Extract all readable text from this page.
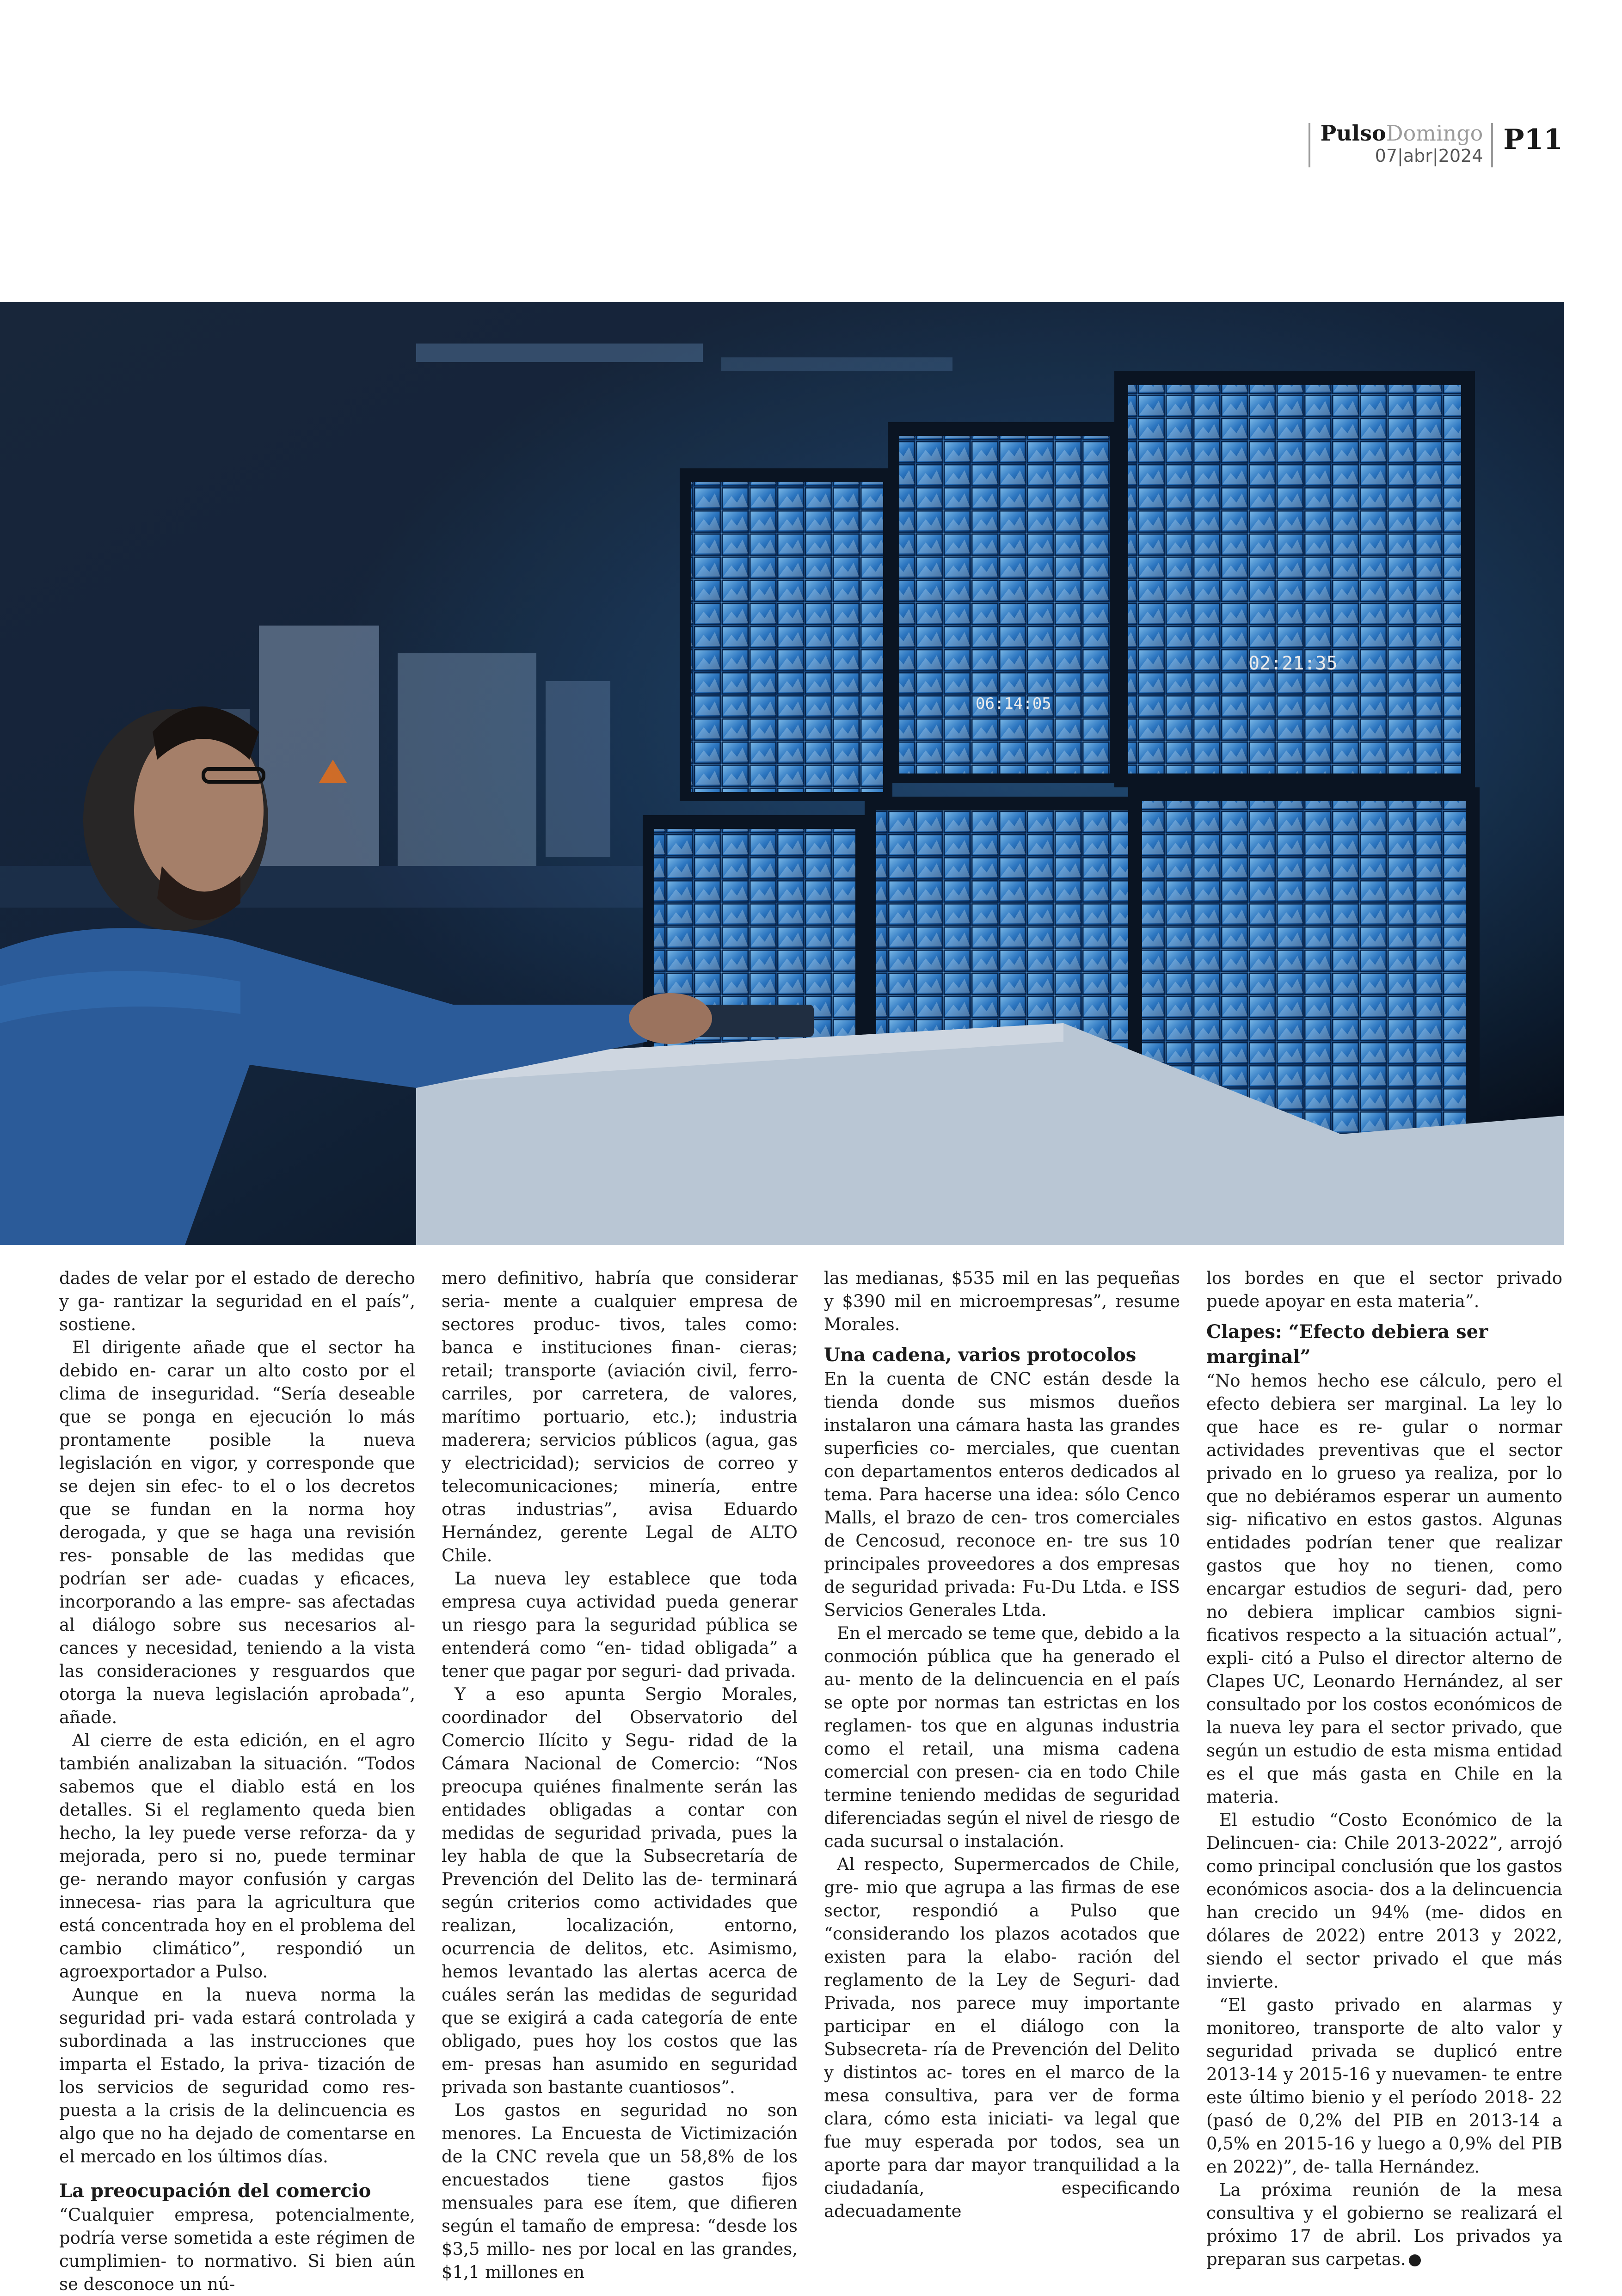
PulsoDomingo
07|abr|2024 P11
02:21:35
06:14:05

dades de velar por el estado de derecho y ga- rantizar la seguridad en el país”, sostiene.

El dirigente añade que el sector ha debido en- carar un alto costo por el clima de inseguridad. “Sería deseable que se ponga en ejecución lo más prontamente posible la nueva legislación en vigor, y corresponde que se dejen sin efec- to el o los decretos que se fundan en la norma hoy derogada, y que se haga una revisión res- ponsable de las medidas que podrían ser ade- cuadas y eficaces, incorporando a las empre- sas afectadas al diálogo sobre sus necesarios al- cances y necesidad, teniendo a la vista las consideraciones y resguardos que otorga la nueva legislación aprobada”, añade.

Al cierre de esta edición, en el agro también analizaban la situación. “Todos sabemos que el diablo está en los detalles. Si el reglamento queda bien hecho, la ley puede verse reforza- da y mejorada, pero si no, puede terminar ge- nerando mayor confusión y cargas innecesa- rias para la agricultura que está concentrada hoy en el problema del cambio climático”, respondió un agroexportador a Pulso.

Aunque en la nueva norma la seguridad pri- vada estará controlada y subordinada a las instrucciones que imparta el Estado, la priva- tización de los servicios de seguridad como res- puesta a la crisis de la delincuencia es algo que no ha dejado de comentarse en el mercado en los últimos días.

La preocupación del comercio

“Cualquier empresa, potencialmente, podría verse sometida a este régimen de cumplimien- to normativo. Si bien aún se desconoce un nú-

mero definitivo, habría que considerar seria- mente a cualquier empresa de sectores produc- tivos, tales como: banca e instituciones finan- cieras; retail; transporte (aviación civil, ferro- carriles, por carretera, de valores, marítimo portuario, etc.); industria maderera; servicios públicos (agua, gas y electricidad); servicios de correo y telecomunicaciones; minería, entre otras industrias”, avisa Eduardo Hernández, gerente Legal de ALTO Chile.

La nueva ley establece que toda empresa cuya actividad pueda generar un riesgo para la seguridad pública se entenderá como “en- tidad obligada” a tener que pagar por seguri- dad privada.

Y a eso apunta Sergio Morales, coordinador del Observatorio del Comercio Ilícito y Segu- ridad de la Cámara Nacional de Comercio: “Nos preocupa quiénes finalmente serán las entidades obligadas a contar con medidas de seguridad privada, pues la ley habla de que la Subsecretaría de Prevención del Delito las de- terminará según criterios como actividades que realizan, localización, entorno, ocurrencia de delitos, etc. Asimismo, hemos levantado las alertas acerca de cuáles serán las medidas de seguridad que se exigirá a cada categoría de ente obligado, pues hoy los costos que las em- presas han asumido en seguridad privada son bastante cuantiosos”.

Los gastos en seguridad no son menores. La Encuesta de Victimización de la CNC revela que un 58,8% de los encuestados tiene gastos fijos mensuales para ese ítem, que difieren según el tamaño de empresa: “desde los $3,5 millo- nes por local en las grandes, $1,1 millones en

las medianas, $535 mil en las pequeñas y $390 mil en microempresas”, resume Morales.

Una cadena, varios protocolos

En la cuenta de CNC están desde la tienda donde sus mismos dueños instalaron una cámara hasta las grandes superficies co- merciales, que cuentan con departamentos enteros dedicados al tema. Para hacerse una idea: sólo Cenco Malls, el brazo de cen- tros comerciales de Cencosud, reconoce en- tre sus 10 principales proveedores a dos empresas de seguridad privada: Fu-Du Ltda. e ISS Servicios Generales Ltda.

En el mercado se teme que, debido a la conmoción pública que ha generado el au- mento de la delincuencia en el país se opte por normas tan estrictas en los reglamen- tos que en algunas industria como el retail, una misma cadena comercial con presen- cia en todo Chile termine teniendo medidas de seguridad diferenciadas según el nivel de riesgo de cada sucursal o instalación.

Al respecto, Supermercados de Chile, gre- mio que agrupa a las firmas de ese sector, respondió a Pulso que “considerando los plazos acotados que existen para la elabo- ración del reglamento de la Ley de Seguri- dad Privada, nos parece muy importante participar en el diálogo con la Subsecreta- ría de Prevención del Delito y distintos ac- tores en el marco de la mesa consultiva, para ver de forma clara, cómo esta iniciati- va legal que fue muy esperada por todos, sea un aporte para dar mayor tranquilidad a la ciudadanía, especificando adecuadamente

los bordes en que el sector privado puede apoyar en esta materia”.

Clapes: “Efecto debiera ser marginal”

“No hemos hecho ese cálculo, pero el efecto debiera ser marginal. La ley lo que hace es re- gular o normar actividades preventivas que el sector privado en lo grueso ya realiza, por lo que no debiéramos esperar un aumento sig- nificativo en estos gastos. Algunas entidades podrían tener que realizar gastos que hoy no tienen, como encargar estudios de seguri- dad, pero no debiera implicar cambios signi- ficativos respecto a la situación actual”, expli- citó a Pulso el director alterno de Clapes UC, Leonardo Hernández, al ser consultado por los costos económicos de la nueva ley para el sector privado, que según un estudio de esta misma entidad es el que más gasta en Chile en la materia.

El estudio “Costo Económico de la Delincuen- cia: Chile 2013-2022”, arrojó como principal conclusión que los gastos económicos asocia- dos a la delincuencia han crecido un 94% (me- didos en dólares de 2022) entre 2013 y 2022, siendo el sector privado el que más invierte.

“El gasto privado en alarmas y monitoreo, transporte de alto valor y seguridad privada se duplicó entre 2013-14 y 2015-16 y nuevamen- te entre este último bienio y el período 2018- 22 (pasó de 0,2% del PIB en 2013-14 a 0,5% en 2015-16 y luego a 0,9% del PIB en 2022)”, de- talla Hernández.

La próxima reunión de la mesa consultiva y el gobierno se realizará el próximo 17 de abril. Los privados ya preparan sus carpetas.P
